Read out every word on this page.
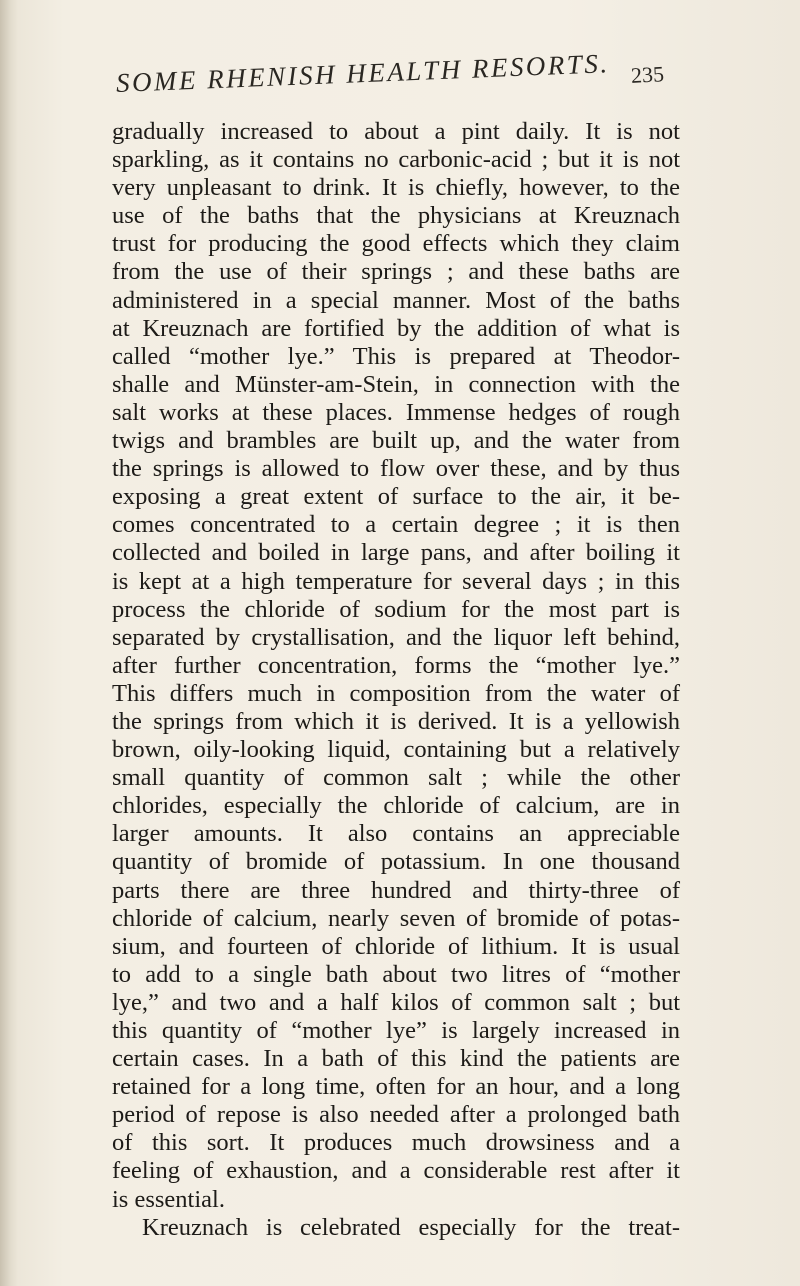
SOME RHENISH HEALTH RESORTS. 235
gradually increased to about a pint daily. It is not
sparkling, as it contains no carbonic-acid ; but it is not
very unpleasant to drink. It is chiefly, however, to the
use of the baths that the physicians at Kreuznach
trust for producing the good effects which they claim
from the use of their springs ; and these baths are
administered in a special manner. Most of the baths
at Kreuznach are fortified by the addition of what is
called “mother lye.” This is prepared at Theodor-
shalle and Münster-am-Stein, in connection with the
salt works at these places. Immense hedges of rough
twigs and brambles are built up, and the water from
the springs is allowed to flow over these, and by thus
exposing a great extent of surface to the air, it be-
comes concentrated to a certain degree ; it is then
collected and boiled in large pans, and after boiling it
is kept at a high temperature for several days ; in this
process the chloride of sodium for the most part is
separated by crystallisation, and the liquor left behind,
after further concentration, forms the “mother lye.”
This differs much in composition from the water of
the springs from which it is derived. It is a yellowish
brown, oily-looking liquid, containing but a relatively
small quantity of common salt ; while the other
chlorides, especially the chloride of calcium, are in
larger amounts. It also contains an appreciable
quantity of bromide of potassium. In one thousand
parts there are three hundred and thirty-three of
chloride of calcium, nearly seven of bromide of potas-
sium, and fourteen of chloride of lithium. It is usual
to add to a single bath about two litres of “mother
lye,” and two and a half kilos of common salt ; but
this quantity of “mother lye” is largely increased in
certain cases. In a bath of this kind the patients are
retained for a long time, often for an hour, and a long
period of repose is also needed after a prolonged bath
of this sort. It produces much drowsiness and a
feeling of exhaustion, and a considerable rest after it
is essential.
Kreuznach is celebrated especially for the treat-
